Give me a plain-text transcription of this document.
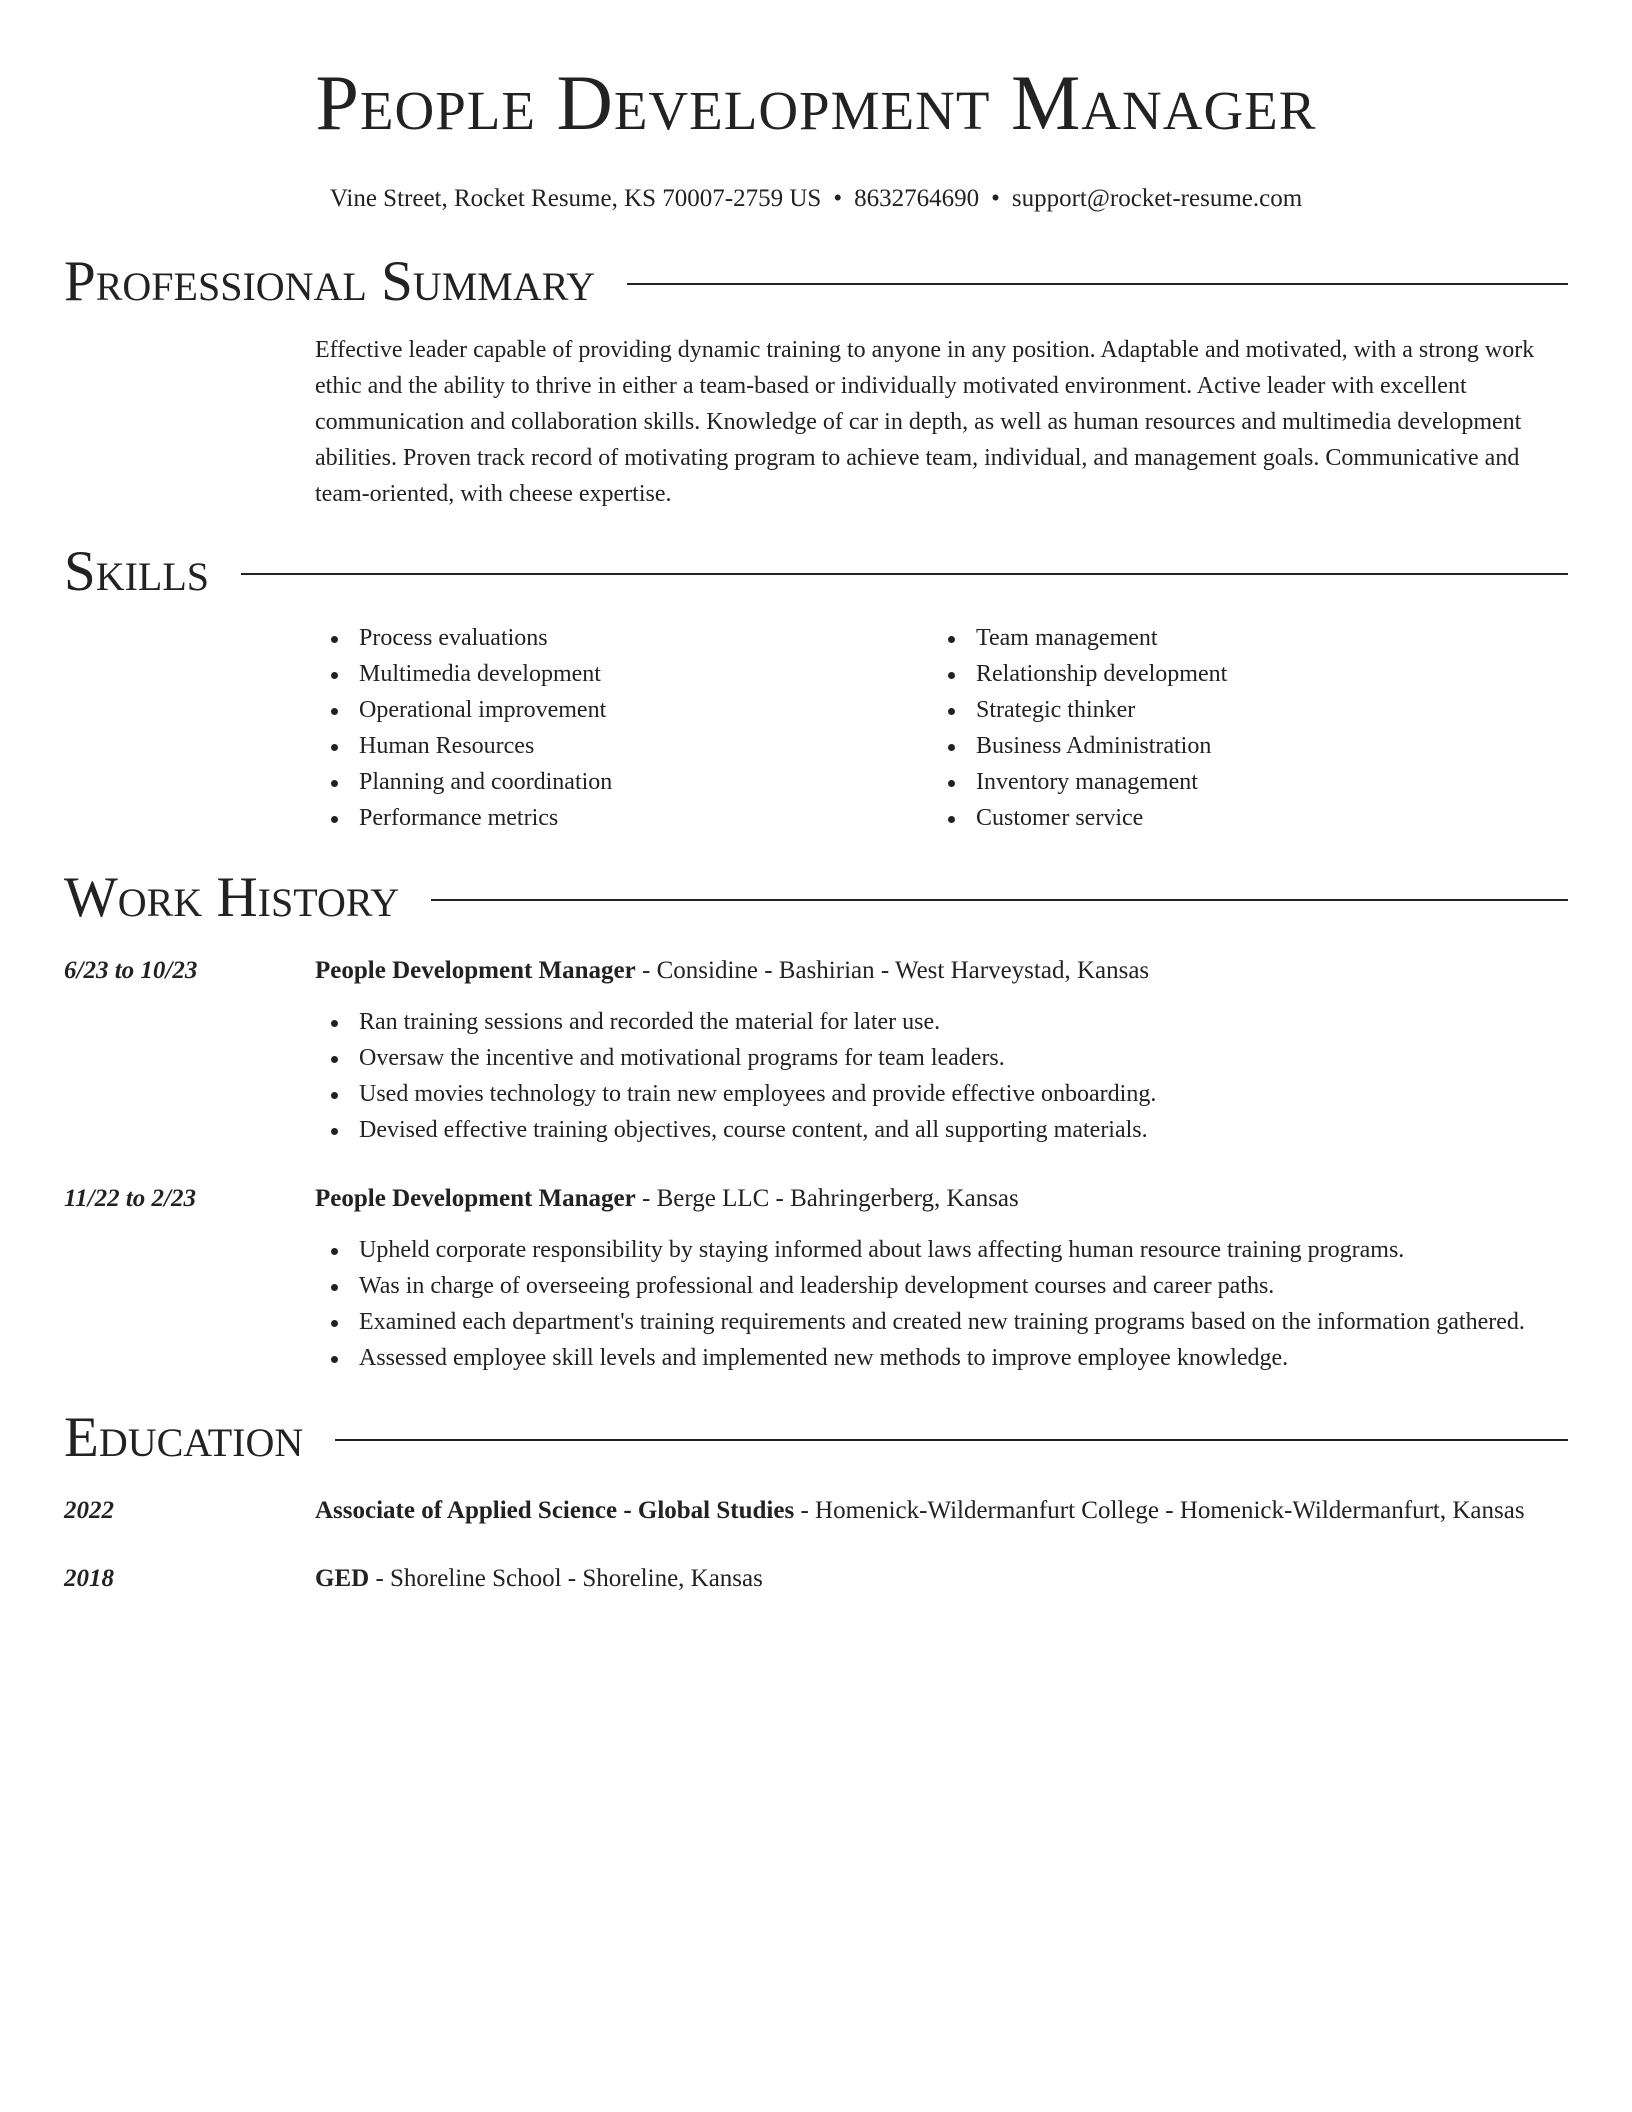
People Development Manager
Vine Street, Rocket Resume, KS 70007-2759 US • 8632764690 • support@rocket-resume.com
Professional Summary

Effective leader capable of providing dynamic training to anyone in any position. Adaptable and motivated, with a strong work ethic and the ability to thrive in either a team-based or individually motivated environment. Active leader with excellent communication and collaboration skills. Knowledge of car in depth, as well as human resources and multimedia development abilities. Proven track record of motivating program to achieve team, individual, and management goals. Communicative and team-oriented, with cheese expertise.

Skills
Process evaluations
Multimedia development
Operational improvement
Human Resources
Planning and coordination
Performance metrics
Team management
Relationship development
Strategic thinker
Business Administration
Inventory management
Customer service
Work History
6/23 to 10/23	People Development Manager - Considine - Bashirian - West Harveystad, Kansas
Ran training sessions and recorded the material for later use.
Oversaw the incentive and motivational programs for team leaders.
Used movies technology to train new employees and provide effective onboarding.
Devised effective training objectives, course content, and all supporting materials.
11/22 to 2/23	People Development Manager - Berge LLC - Bahringerberg, Kansas
Upheld corporate responsibility by staying informed about laws affecting human resource training programs.
Was in charge of overseeing professional and leadership development courses and career paths.
Examined each department's training requirements and created new training programs based on the information gathered.
Assessed employee skill levels and implemented new methods to improve employee knowledge.
Education
2022	Associate of Applied Science - Global Studies - Homenick-Wildermanfurt College - Homenick-Wildermanfurt, Kansas
2018	GED - Shoreline School - Shoreline, Kansas
